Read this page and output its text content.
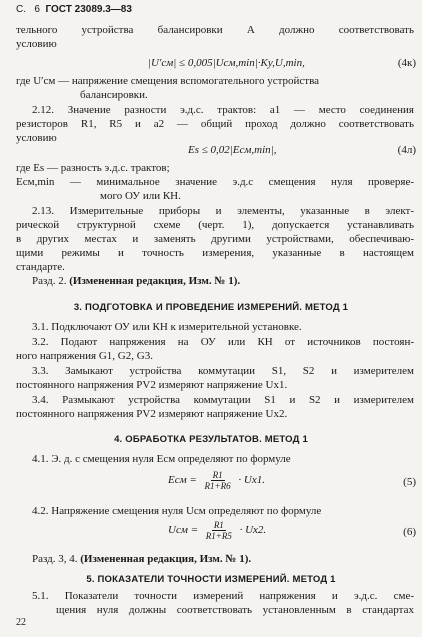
С. 6 ГОСТ 23089.3—83
тельного устройства балансировки А должно соответствовать
условию
|U′см| ≤ 0,005|Uсм,min|·Kу,U,min,	(4к)
где U′см — напряжение смещения вспомогательного устройства
балансировки.
2.12. Значение разности э.д.с. трактов: a1 — место соединения
резисторов R1, R5 и a2 — общий проход должно соответствовать
условию
Es ≤ 0,02|Eсм,min|,	(4л)
где Es — разность э.д.с. трактов;
Eсм,min — минимальное значение э.д.с смещения нуля проверяе-
мого ОУ или КН.
2.13. Измерительные приборы и элементы, указанные в элект-
рической структурной схеме (черт. 1), допускается устанавливать
в других местах и заменять другими устройствами, обеспечиваю-
щими режимы и точность измерения, указанные в настоящем
стандарте.
Разд. 2. (Измененная редакция, Изм. № 1).
3. ПОДГОТОВКА И ПРОВЕДЕНИЕ ИЗМЕРЕНИЙ. МЕТОД 1
3.1. Подключают ОУ или КН к измерительной установке.
3.2. Подают напряжения на ОУ или КН от источников постоян-
ного напряжения G1, G2, G3.
3.3. Замыкают устройства коммутации S1, S2 и измерителем
постоянного напряжения PV2 измеряют напряжение Ux1.
3.4. Размыкают устройства коммутации S1 и S2 и измерителем
постоянного напряжения PV2 измеряют напряжение Ux2.
4. ОБРАБОТКА РЕЗУЛЬТАТОВ. МЕТОД 1
4.1. Э. д. с смещения нуля Eсм определяют по формуле
Eсм = $\frac{R1}{R1+R6} \cdot Ux1$.	(5)
4.2. Напряжение смещения нуля Uсм определяют по формуле
Uсм = $\frac{R1}{R1+R5} \cdot Ux2$.	(6)
Разд. 3, 4. (Измененная редакция, Изм. № 1).
5. ПОКАЗАТЕЛИ ТОЧНОСТИ ИЗМЕРЕНИЙ. МЕТОД 1
5.1. Показатели точности измерений напряжения и э.д.с. сме-
щения нуля должны соответствовать установленным в стандартах
22
